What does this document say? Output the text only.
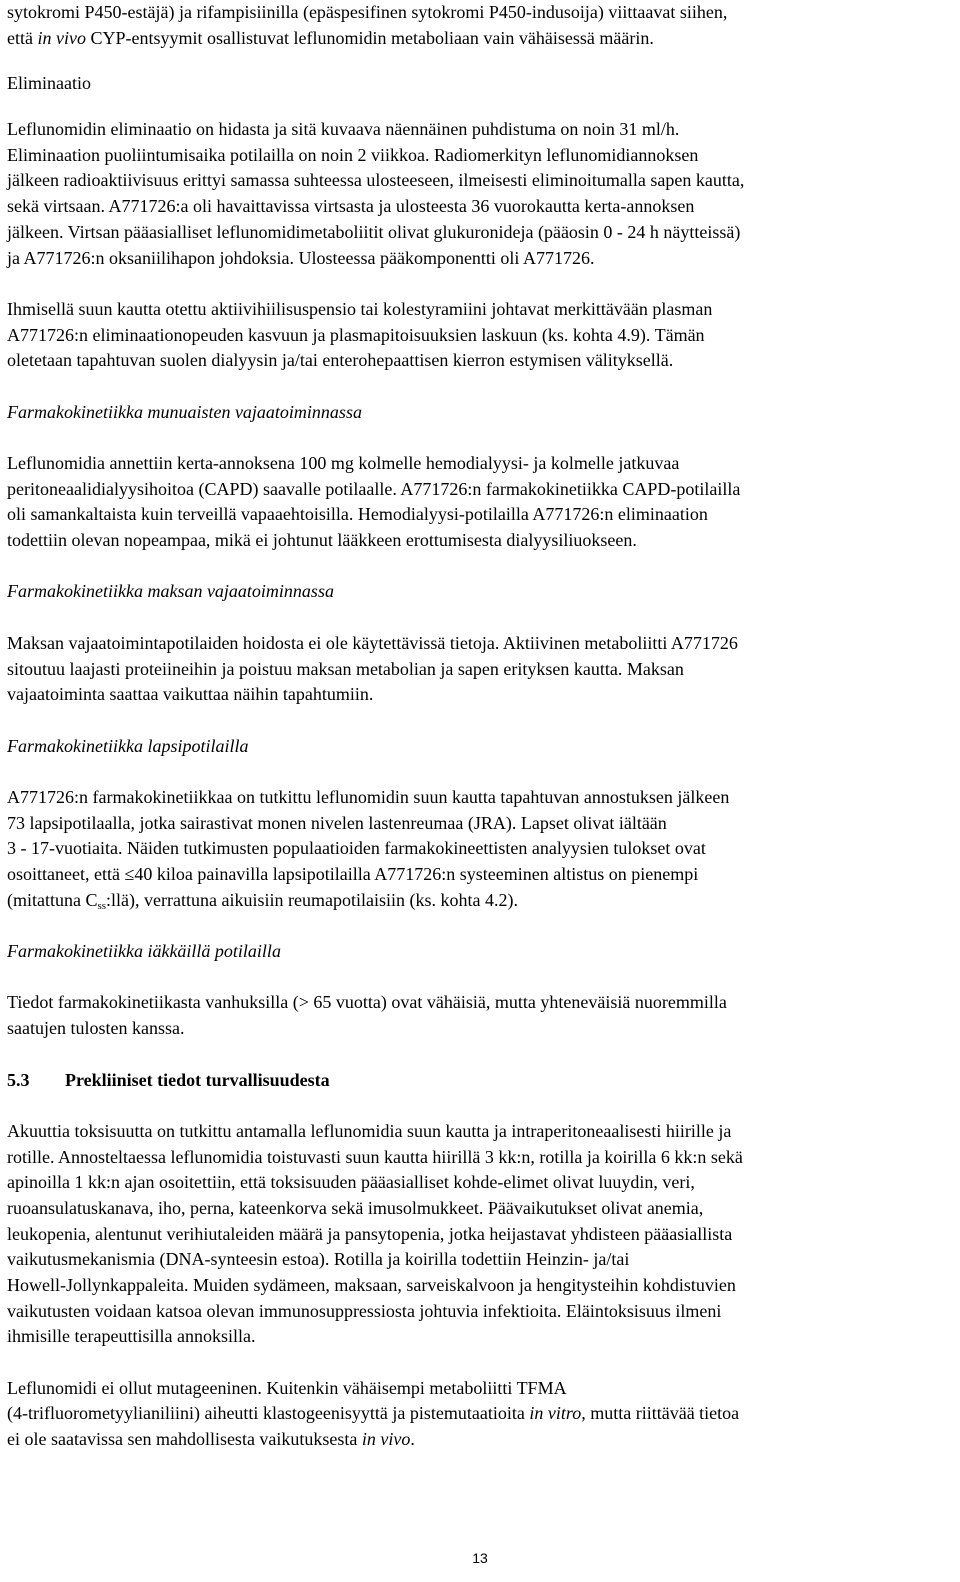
sytokromi P450-estäjä) ja rifampisiinilla (epäspesifinen sytokromi P450-indusoija) viittaavat siihen,
että in vivo CYP-entsyymit osallistuvat leflunomidin metaboliaan vain vähäisessä määrin.
Eliminaatio
Leflunomidin eliminaatio on hidasta ja sitä kuvaava näennäinen puhdistuma on noin 31 ml/h.
Eliminaation puoliintumisaika potilailla on noin 2 viikkoa. Radiomerkityn leflunomidiannoksen
jälkeen radioaktiivisuus erittyi samassa suhteessa ulosteeseen, ilmeisesti eliminoitumalla sapen kautta,
sekä virtsaan. A771726:a oli havaittavissa virtsasta ja ulosteesta 36 vuorokautta kerta-annoksen
jälkeen. Virtsan pääasialliset leflunomidimetaboliitit olivat glukuronideja (pääosin 0 - 24 h näytteissä)
ja A771726:n oksaniilihapon johdoksia. Ulosteessa pääkomponentti oli A771726.
Ihmisellä suun kautta otettu aktiivihiilisuspensio tai kolestyramiini johtavat merkittävään plasman
A771726:n eliminaationopeuden kasvuun ja plasmapitoisuuksien laskuun (ks. kohta 4.9). Tämän
oletetaan tapahtuvan suolen dialyysin ja/tai enterohepaattisen kierron estymisen välityksellä.
Farmakokinetiikka munuaisten vajaatoiminnassa
Leflunomidia annettiin kerta-annoksena 100 mg kolmelle hemodialyysi- ja kolmelle jatkuvaa
peritoneaalidialyysihoitoa (CAPD) saavalle potilaalle. A771726:n farmakokinetiikka CAPD-potilailla
oli samankaltaista kuin terveillä vapaaehtoisilla. Hemodialyysi-potilailla A771726:n eliminaation
todettiin olevan nopeampaa, mikä ei johtunut lääkkeen erottumisesta dialyysiliuokseen.
Farmakokinetiikka maksan vajaatoiminnassa
Maksan vajaatoimintapotilaiden hoidosta ei ole käytettävissä tietoja. Aktiivinen metaboliitti A771726
sitoutuu laajasti proteiineihin ja poistuu maksan metabolian ja sapen erityksen kautta. Maksan
vajaatoiminta saattaa vaikuttaa näihin tapahtumiin.
Farmakokinetiikka lapsipotilailla
A771726:n farmakokinetiikkaa on tutkittu leflunomidin suun kautta tapahtuvan annostuksen jälkeen
73 lapsipotilaalla, jotka sairastivat monen nivelen lastenreumaa (JRA). Lapset olivat iältään
3 - 17-vuotiaita. Näiden tutkimusten populaatioiden farmakokineettisten analyysien tulokset ovat
osoittaneet, että ≤40 kiloa painavilla lapsipotilailla A771726:n systeeminen altistus on pienempi
(mitattuna $C_{ss}:llä$), verrattuna aikuisiin reumapotilaisiin (ks. kohta 4.2).
Farmakokinetiikka iäkkäillä potilailla
Tiedot farmakokinetiikasta vanhuksilla (> 65 vuotta) ovat vähäisiä, mutta yhteneväisiä nuoremmilla
saatujen tulosten kanssa.
5.3 Prekliiniset tiedot turvallisuudesta
Akuuttia toksisuutta on tutkittu antamalla leflunomidia suun kautta ja intraperitoneaalisesti hiirille ja
rotille. Annosteltaessa leflunomidia toistuvasti suun kautta hiirillä 3 kk:n, rotilla ja koirilla 6 kk:n sekä
apinoilla 1 kk:n ajan osoitettiin, että toksisuuden pääasialliset kohde-elimet olivat luuydin, veri,
ruoansulatuskanava, iho, perna, kateenkorva sekä imusolmukkeet. Päävaikutukset olivat anemia,
leukopenia, alentunut verihiutaleiden määrä ja pansytopenia, jotka heijastavat yhdisteen pääasiallista
vaikutusmekanismia (DNA-synteesin estoa). Rotilla ja koirilla todettiin Heinzin- ja/tai
Howell-Jollynkappaleita. Muiden sydämeen, maksaan, sarveiskalvoon ja hengitysteihin kohdistuvien
vaikutusten voidaan katsoa olevan immunosuppressiosta johtuvia infektioita. Eläintoksisuus ilmeni
ihmisille terapeuttisilla annoksilla.
Leflunomidi ei ollut mutageeninen. Kuitenkin vähäisempi metaboliitti TFMA
(4-trifluorometyylianiliini) aiheutti klastogeenisyyttä ja pistemutaatioita in vitro, mutta riittävää tietoa
ei ole saatavissa sen mahdollisesta vaikutuksesta in vivo.
13
